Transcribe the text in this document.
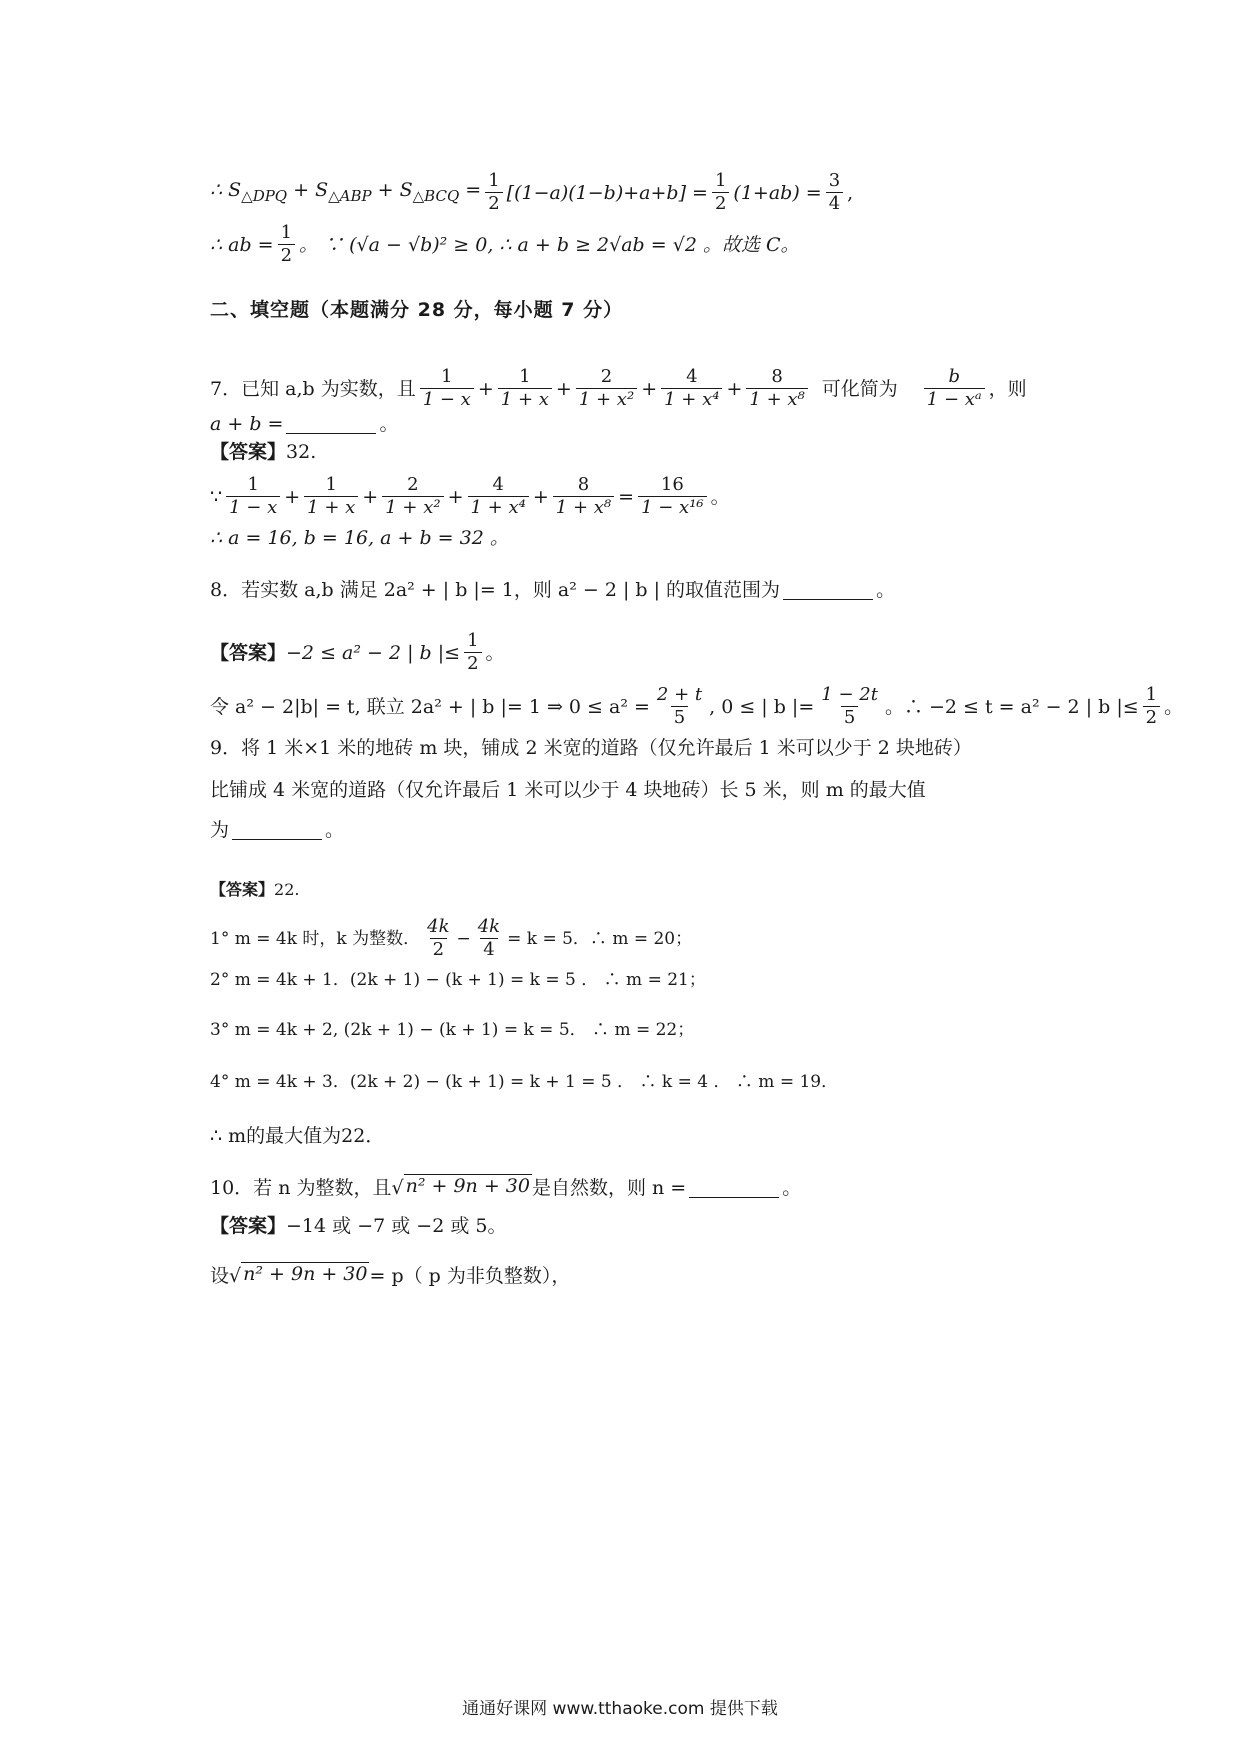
∴ $S_{\triangle DPQ} + S_{\triangle ABP} + S_{\triangle BCQ} = \frac{1}{2} [(1-a)(1-b)+a+b] = \frac{1}{2} (1+ab) = \frac{3}{4}$ ,
∴ ab = $\frac{1}{2}$ 。 ∵ (√a − √b)² ≥ 0, ∴ a + b ≥ 2√ab = √2 。故选 C。
二、填空题（本题满分 28 分，每小题 7 分）
7．已知 a,b 为实数，且 $\frac{1}{1 - x} + \frac{1}{1 + x} + \frac{2}{\text{1 + x²}} + \frac{4}{\text{1 + x⁴}} + \frac{8}{\text{1 + x⁸}}$ 可化简为 $\frac{b}{\text{1 − xᵃ}}$ ，则
a + b =	。
【答案】 32.
∵ $\frac{1}{1 - x} + \frac{1}{1 + x} + \frac{2}{\text{1 + x²}} + \frac{4}{\text{1 + x⁴}} + \frac{8}{\text{1 + x⁸}} = \frac{16}{\text{1 − x¹⁶}}$ 。
∴ a = 16, b = 16, a + b = 32 。
8．若实数 a,b 满足 2a² + | b |= 1，则 a² − 2 | b | 的取值范围为	。
【答案】 −2 ≤ a² − 2 | b |≤ $\frac{1}{2}$ 。
令 a² − 2|b| = t, 联立 2a² + | b |= 1 ⇒ $0 \le a^2 = \frac{2 + t}{5}$ , 0 ≤ | b |= $\frac{1 - 2t}{5}$ 。∴ −2 ≤ t = a² − 2 | b |≤ $\frac{1}{2}$ 。
9．将 1 米×1 米的地砖 m 块，铺成 2 米宽的道路（仅允许最后 1 米可以少于 2 块地砖）
比铺成 4 米宽的道路（仅允许最后 1 米可以少于 4 块地砖）长 5 米，则 m 的最大值
为	。
【答案】 22.
1° m = 4k 时，k 为整数． $\frac{4k}{2} - \frac{4k}{4} = k = 5$．∴ m = 20；
2° m = 4k + 1．(2k + 1) − (k + 1) = k = 5 ． ∴ m = 21；
3° m = 4k + 2, (2k + 1) − (k + 1) = k = 5． ∴ m = 22；
4° m = 4k + 3．(2k + 2) − (k + 1) = k + 1 = 5 ． ∴ k = 4 ． ∴ m = 19．
∴ m的最大值为22．
10．若 n 为整数，且 √ n² + 9n + 30 是自然数，则 n =	。
【答案】 −14 或 −7 或 −2 或 5。
设 √ n² + 9n + 30 = p（ p 为非负整数），
通通好课网 www.tthaoke.com 提供下载
